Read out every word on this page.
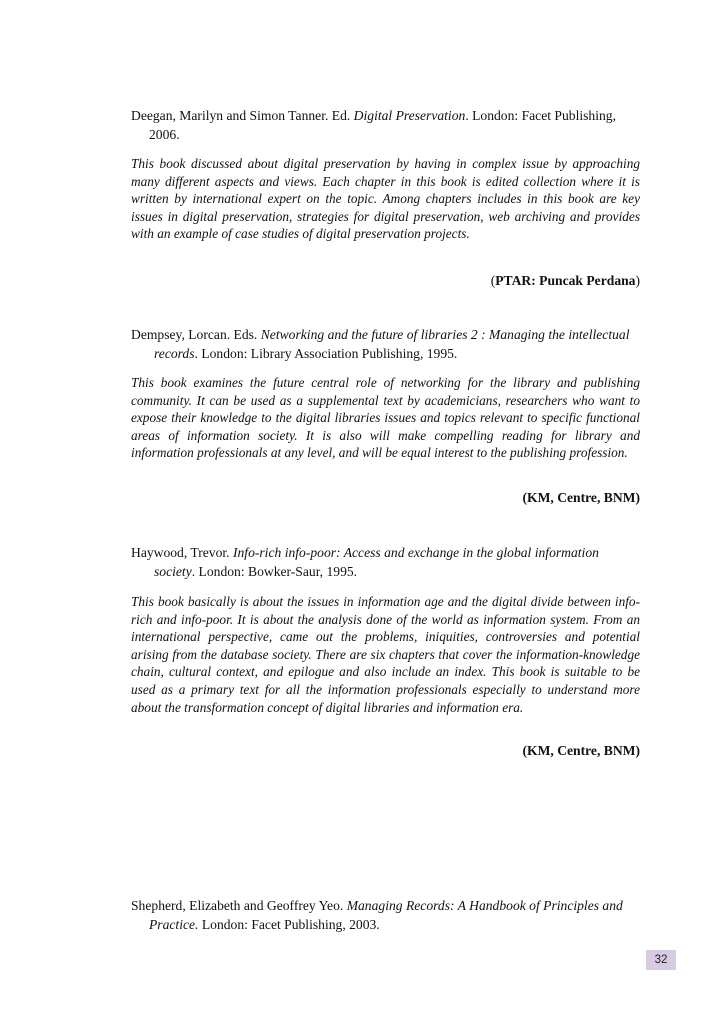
Deegan, Marilyn and Simon Tanner. Ed. Digital Preservation. London: Facet Publishing, 2006.

This book discussed about digital preservation by having in complex issue by approaching many different aspects and views. Each chapter in this book is edited collection where it is written by international expert on the topic. Among chapters includes in this book are key issues in digital preservation, strategies for digital preservation, web archiving and provides with an example of case studies of digital preservation projects.

(PTAR: Puncak Perdana)

Dempsey, Lorcan. Eds. Networking and the future of libraries 2 : Managing the intellectual records. London: Library Association Publishing, 1995.

This book examines the future central role of networking for the library and publishing community. It can be used as a supplemental text by academicians, researchers who want to expose their knowledge to the digital libraries issues and topics relevant to specific functional areas of information society. It is also will make compelling reading for library and information professionals at any level, and will be equal interest to the publishing profession.

(KM, Centre, BNM)

Haywood, Trevor. Info-rich info-poor: Access and exchange in the global information society. London: Bowker-Saur, 1995.

This book basically is about the issues in information age and the digital divide between info-rich and info-poor. It is about the analysis done of the world as information system. From an international perspective, came out the problems, iniquities, controversies and potential arising from the database society. There are six chapters that cover the information-knowledge chain, cultural context, and epilogue and also include an index. This book is suitable to be used as a primary text for all the information professionals especially to understand more about the transformation concept of digital libraries and information era.

(KM, Centre, BNM)

Shepherd, Elizabeth and Geoffrey Yeo. Managing Records: A Handbook of Principles and Practice. London: Facet Publishing, 2003.

32
